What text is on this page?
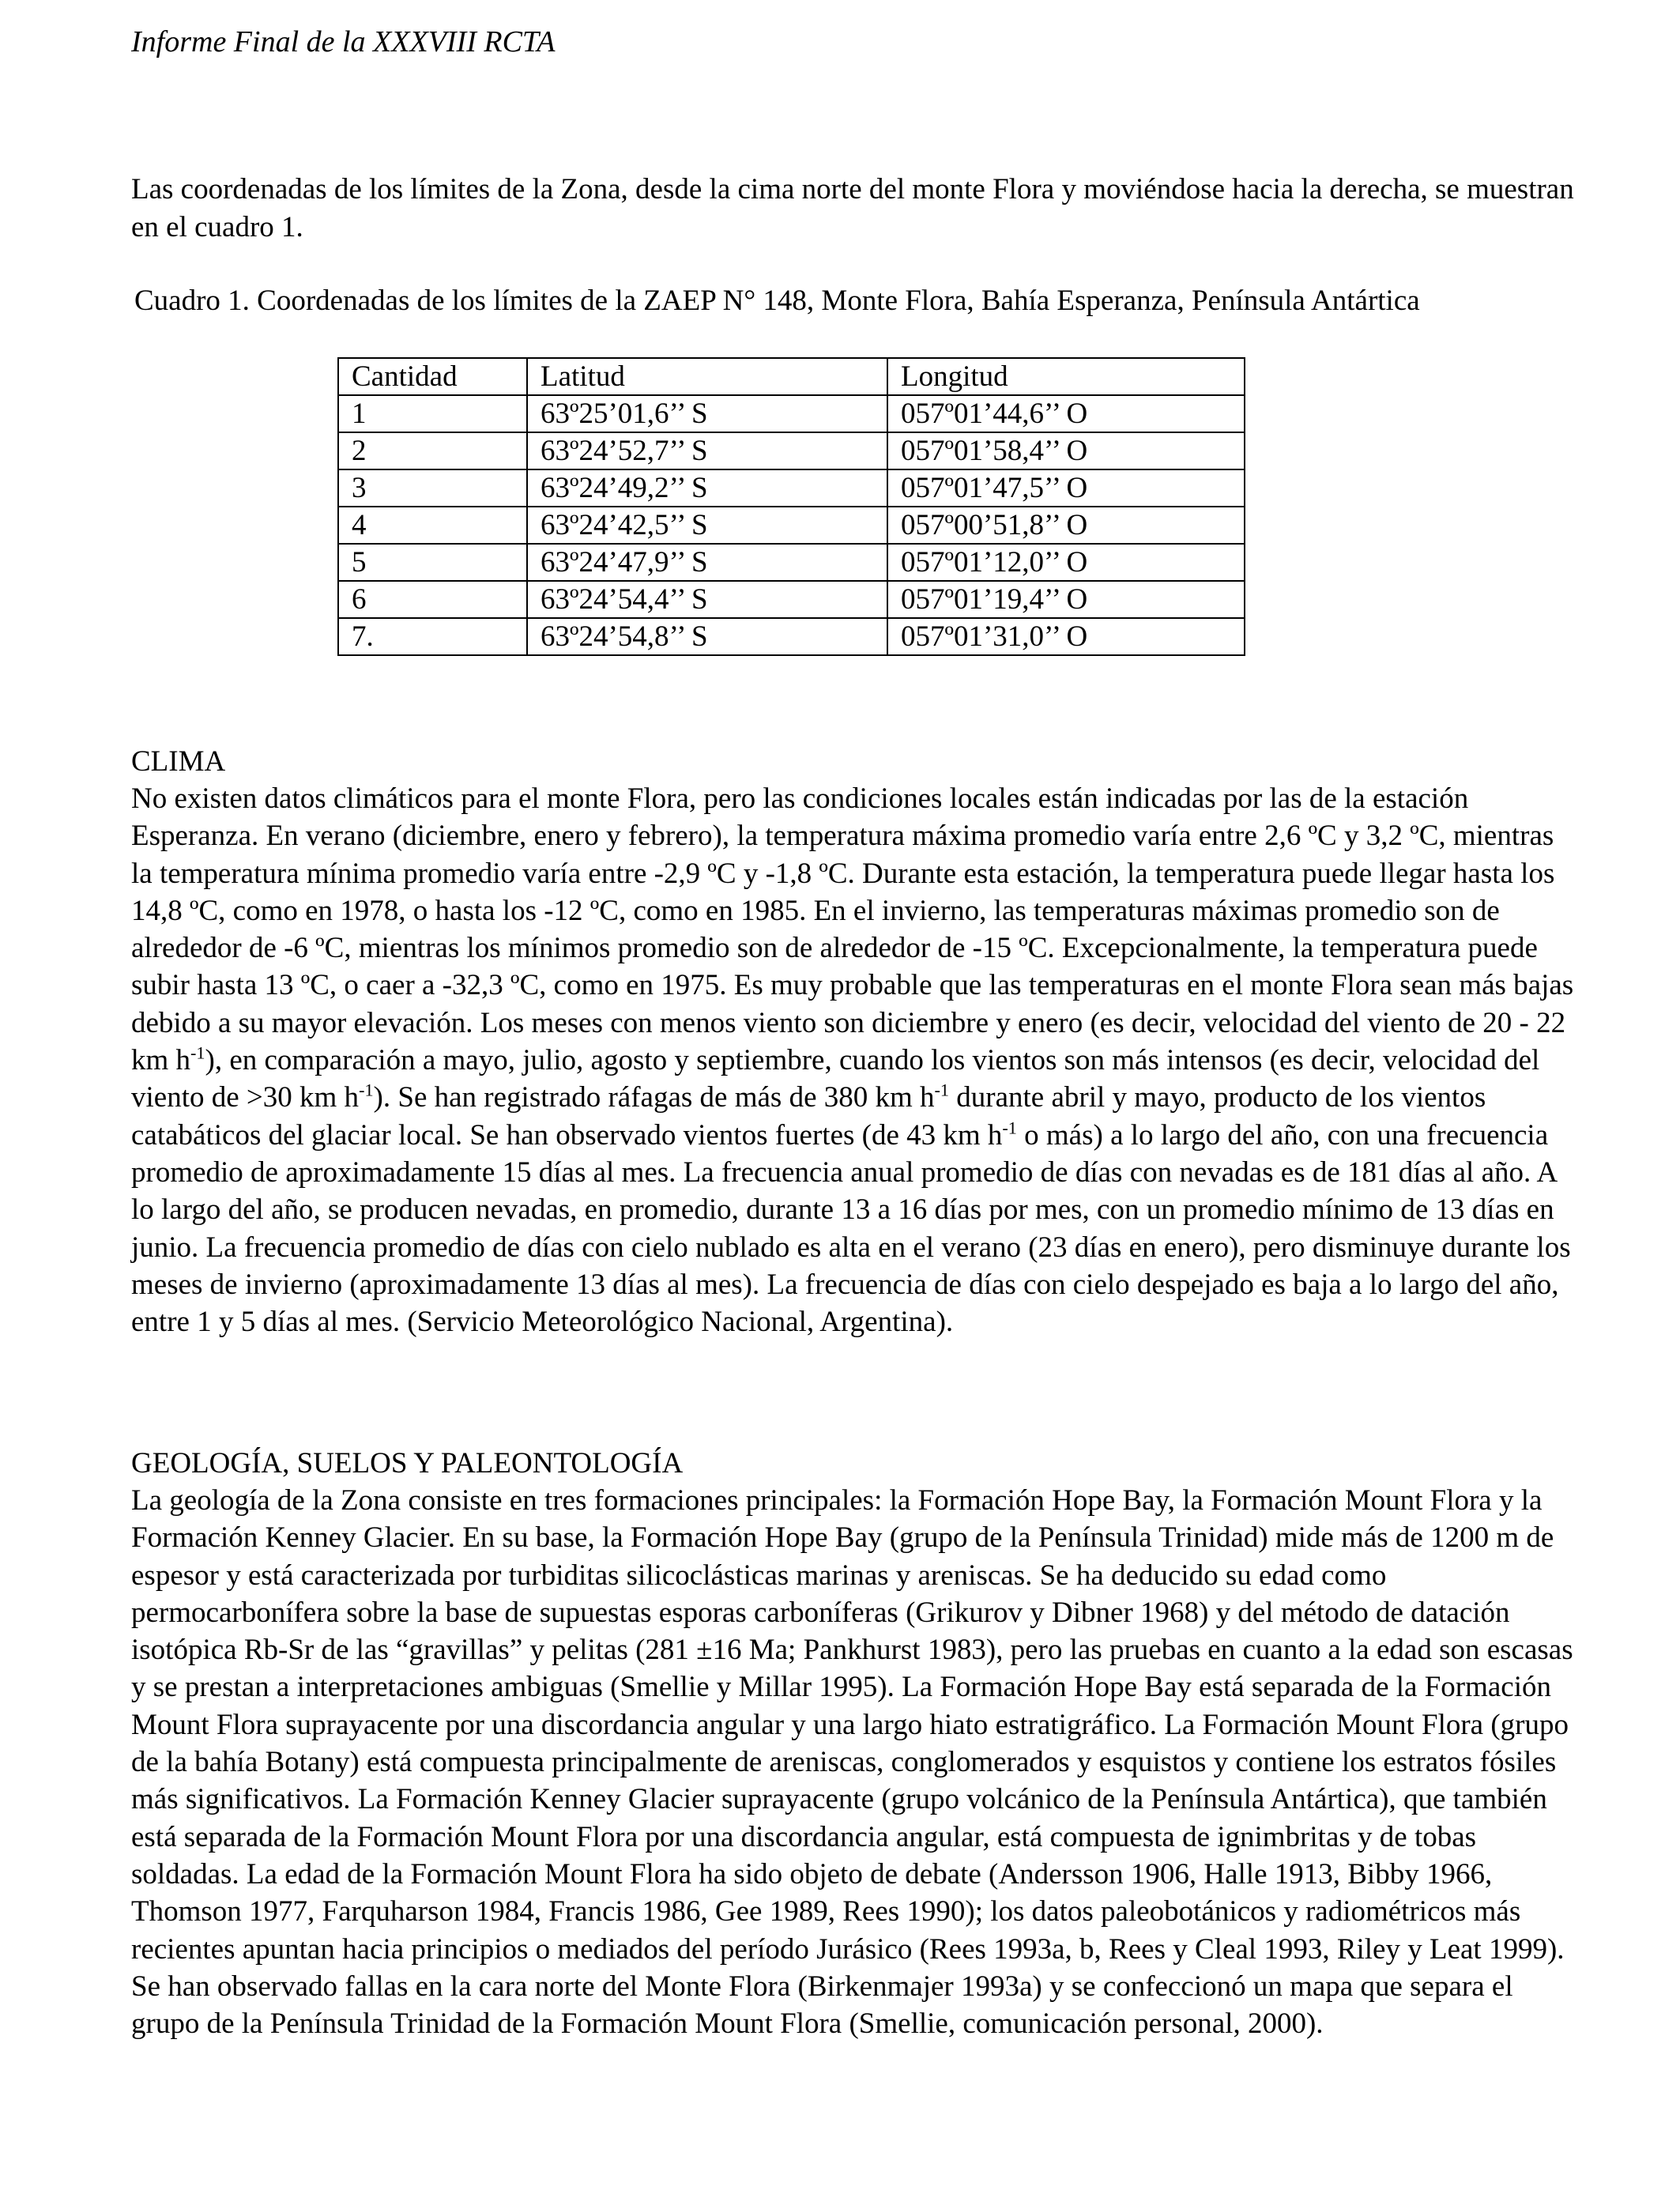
Informe Final de la XXXVIII RCTA

Las coordenadas de los límites de la Zona, desde la cima norte del monte Flora y moviéndose hacia la derecha, se muestran en el cuadro 1.

Cuadro 1. Coordenadas de los límites de la ZAEP N° 148, Monte Flora, Bahía Esperanza, Península Antártica

Cantidad	Latitud	Longitud
1	63º25’01,6’’ S	057º01’44,6’’ O
2	63º24’52,7’’ S	057º01’58,4’’ O
3	63º24’49,2’’ S	057º01’47,5’’ O
4	63º24’42,5’’ S	057º00’51,8’’ O
5	63º24’47,9’’ S	057º01’12,0’’ O
6	63º24’54,4’’ S	057º01’19,4’’ O
7.	63º24’54,8’’ S	057º01’31,0’’ O
CLIMA

No existen datos climáticos para el monte Flora, pero las condiciones locales están indicadas por las de la estación Esperanza. En verano (diciembre, enero y febrero), la temperatura máxima promedio varía entre 2,6 ºC y 3,2 ºC, mientras la temperatura mínima promedio varía entre -2,9 ºC y -1,8 ºC. Durante esta estación, la temperatura puede llegar hasta los 14,8 ºC, como en 1978, o hasta los -12 ºC, como en 1985. En el invierno, las temperaturas máximas promedio son de alrededor de -6 ºC, mientras los mínimos promedio son de alrededor de -15 ºC. Excepcionalmente, la temperatura puede subir hasta 13 ºC, o caer a -32,3 ºC, como en 1975. Es muy probable que las temperaturas en el monte Flora sean más bajas debido a su mayor elevación. Los meses con menos viento son diciembre y enero (es decir, velocidad del viento de 20 - 22 km $h^{-1}$), en comparación a mayo, julio, agosto y septiembre, cuando los vientos son más intensos (es decir, velocidad del viento de >30 km $h^{-1}$). Se han registrado ráfagas de más de 380 km $h^{-1}$ durante abril y mayo, producto de los vientos catabáticos del glaciar local. Se han observado vientos fuertes (de 43 km $h^{-1}$ o más) a lo largo del año, con una frecuencia promedio de aproximadamente 15 días al mes. La frecuencia anual promedio de días con nevadas es de 181 días al año. A lo largo del año, se producen nevadas, en promedio, durante 13 a 16 días por mes, con un promedio mínimo de 13 días en junio. La frecuencia promedio de días con cielo nublado es alta en el verano (23 días en enero), pero disminuye durante los meses de invierno (aproximadamente 13 días al mes). La frecuencia de días con cielo despejado es baja a lo largo del año, entre 1 y 5 días al mes. (Servicio Meteorológico Nacional, Argentina).

GEOLOGÍA, SUELOS Y PALEONTOLOGÍA

La geología de la Zona consiste en tres formaciones principales: la Formación Hope Bay, la Formación Mount Flora y la Formación Kenney Glacier. En su base, la Formación Hope Bay (grupo de la Península Trinidad) mide más de 1200 m de espesor y está caracterizada por turbiditas silicoclásticas marinas y areniscas. Se ha deducido su edad como permocarbonífera sobre la base de supuestas esporas carboníferas (Grikurov y Dibner 1968) y del método de datación isotópica Rb-Sr de las “gravillas” y pelitas (281 ±16 Ma; Pankhurst 1983), pero las pruebas en cuanto a la edad son escasas y se prestan a interpretaciones ambiguas (Smellie y Millar 1995). La Formación Hope Bay está separada de la Formación Mount Flora suprayacente por una discordancia angular y una largo hiato estratigráfico. La Formación Mount Flora (grupo de la bahía Botany) está compuesta principalmente de areniscas, conglomerados y esquistos y contiene los estratos fósiles más significativos. La Formación Kenney Glacier suprayacente (grupo volcánico de la Península Antártica), que también está separada de la Formación Mount Flora por una discordancia angular, está compuesta de ignimbritas y de tobas soldadas. La edad de la Formación Mount Flora ha sido objeto de debate (Andersson 1906, Halle 1913, Bibby 1966, Thomson 1977, Farquharson 1984, Francis 1986, Gee 1989, Rees 1990); los datos paleobotánicos y radiométricos más recientes apuntan hacia principios o mediados del período Jurásico (Rees 1993a, b, Rees y Cleal 1993, Riley y Leat 1999). Se han observado fallas en la cara norte del Monte Flora (Birkenmajer 1993a) y se confeccionó un mapa que separa el grupo de la Península Trinidad de la Formación Mount Flora (Smellie, comunicación personal, 2000).
